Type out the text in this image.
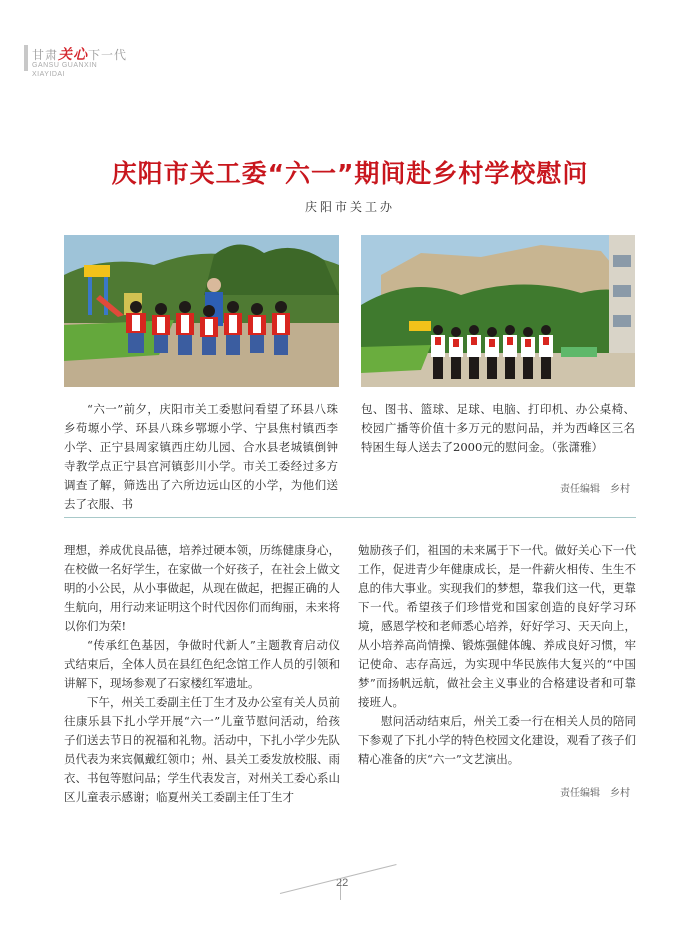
甘肃关心下一代
GANSU GUANXIN
XIAYIDAI
庆阳市关工委“六一”期间赴乡村学校慰问
庆阳市关工办
“六一”前夕，庆阳市关工委慰问看望了环县八珠乡苟塬小学、环县八珠乡鄂塬小学、宁县焦村镇西李小学、正宁县周家镇西庄幼儿园、合水县老城镇倒钟寺教学点正宁县宫河镇彭川小学。市关工委经过多方调查了解，筛选出了六所边远山区的小学，为他们送去了衣服、书
包、图书、篮球、足球、电脑、打印机、办公桌椅、校园广播等价值十多万元的慰问品，并为西峰区三名特困生每人送去了2000元的慰问金。（张潇雅）
责任编辑　乡村

理想，养成优良品德，培养过硬本领，历练健康身心，在校做一名好学生，在家做一个好孩子，在社会上做文明的小公民，从小事做起，从现在做起，把握正确的人生航向，用行动来证明这个时代因你们而绚丽，未来将以你们为荣!

“传承红色基因，争做时代新人”主题教育启动仪式结束后，全体人员在县红色纪念馆工作人员的引领和讲解下，现场参观了石家楼红军遗址。

下午，州关工委副主任丁生才及办公室有关人员前往康乐县下扎小学开展“六一”儿童节慰问活动，给孩子们送去节日的祝福和礼物。活动中，下扎小学少先队员代表为来宾佩戴红领巾；州、县关工委发放校服、雨衣、书包等慰问品；学生代表发言，对州关工委心系山区儿童表示感谢；临夏州关工委副主任丁生才

勉励孩子们，祖国的未来属于下一代。做好关心下一代工作，促进青少年健康成长，是一件薪火相传、生生不息的伟大事业。实现我们的梦想，靠我们这一代，更靠下一代。希望孩子们珍惜党和国家创造的良好学习环境，感恩学校和老师悉心培养，好好学习、天天向上，从小培养高尚情操、锻炼强健体魄、养成良好习惯，牢记使命、志存高远，为实现中华民族伟大复兴的“中国梦”而扬帆远航，做社会主义事业的合格建设者和可靠接班人。

慰问活动结束后，州关工委一行在相关人员的陪同下参观了下扎小学的特色校园文化建设，观看了孩子们精心准备的庆“六一”文艺演出。

责任编辑　乡村
22
